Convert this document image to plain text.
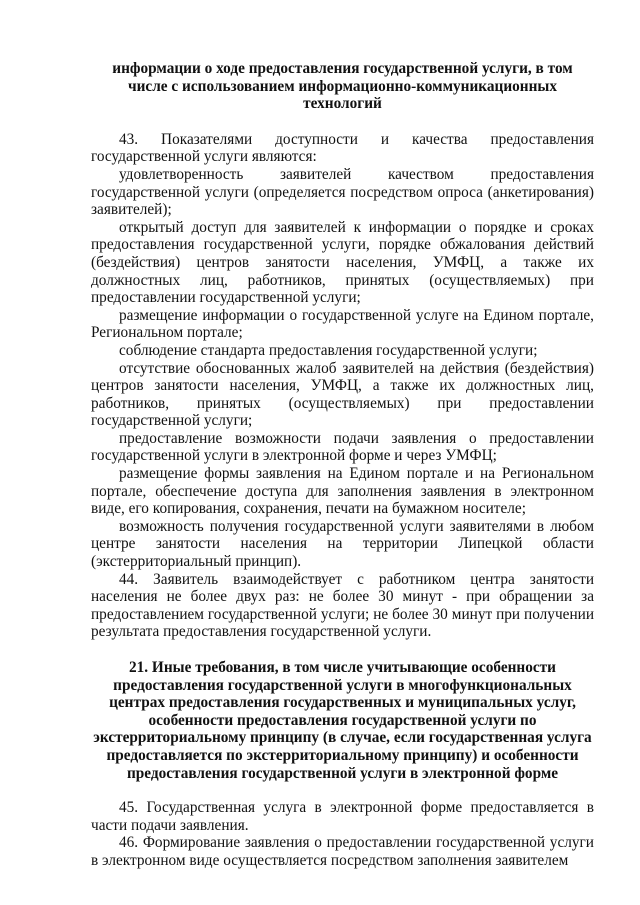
информации о ходе предоставления государственной услуги, в том числе с использованием информационно-коммуникационных технологий

43. Показателями доступности и качества предоставления государственной услуги являются:

удовлетворенность заявителей качеством предоставления государственной услуги (определяется посредством опроса (анкетирования) заявителей);

открытый доступ для заявителей к информации о порядке и сроках предоставления государственной услуги, порядке обжалования действий (бездействия) центров занятости населения, УМФЦ, а также их должностных лиц, работников, принятых (осуществляемых) при предоставлении государственной услуги;

размещение информации о государственной услуге на Едином портале, Региональном портале;

соблюдение стандарта предоставления государственной услуги;

отсутствие обоснованных жалоб заявителей на действия (бездействия) центров занятости населения, УМФЦ, а также их должностных лиц, работников, принятых (осуществляемых) при предоставлении государственной услуги;

предоставление возможности подачи заявления о предоставлении государственной услуги в электронной форме и через УМФЦ;

размещение формы заявления на Едином портале и на Региональном портале, обеспечение доступа для заполнения заявления в электронном виде, его копирования, сохранения, печати на бумажном носителе;

возможность получения государственной услуги заявителями в любом центре занятости населения на территории Липецкой области (экстерриториальный принцип).

44. Заявитель взаимодействует с работником центра занятости населения не более двух раз: не более 30 минут - при обращении за предоставлением государственной услуги; не более 30 минут при получении результата предоставления государственной услуги.

21. Иные требования, в том числе учитывающие особенности предоставления государственной услуги в многофункциональных центрах предоставления государственных и муниципальных услуг, особенности предоставления государственной услуги по экстерриториальному принципу (в случае, если государственная услуга предоставляется по экстерриториальному принципу) и особенности предоставления государственной услуги в электронной форме

45. Государственная услуга в электронной форме предоставляется в части подачи заявления.

46. Формирование заявления о предоставлении государственной услуги в электронном виде осуществляется посредством заполнения заявителем
